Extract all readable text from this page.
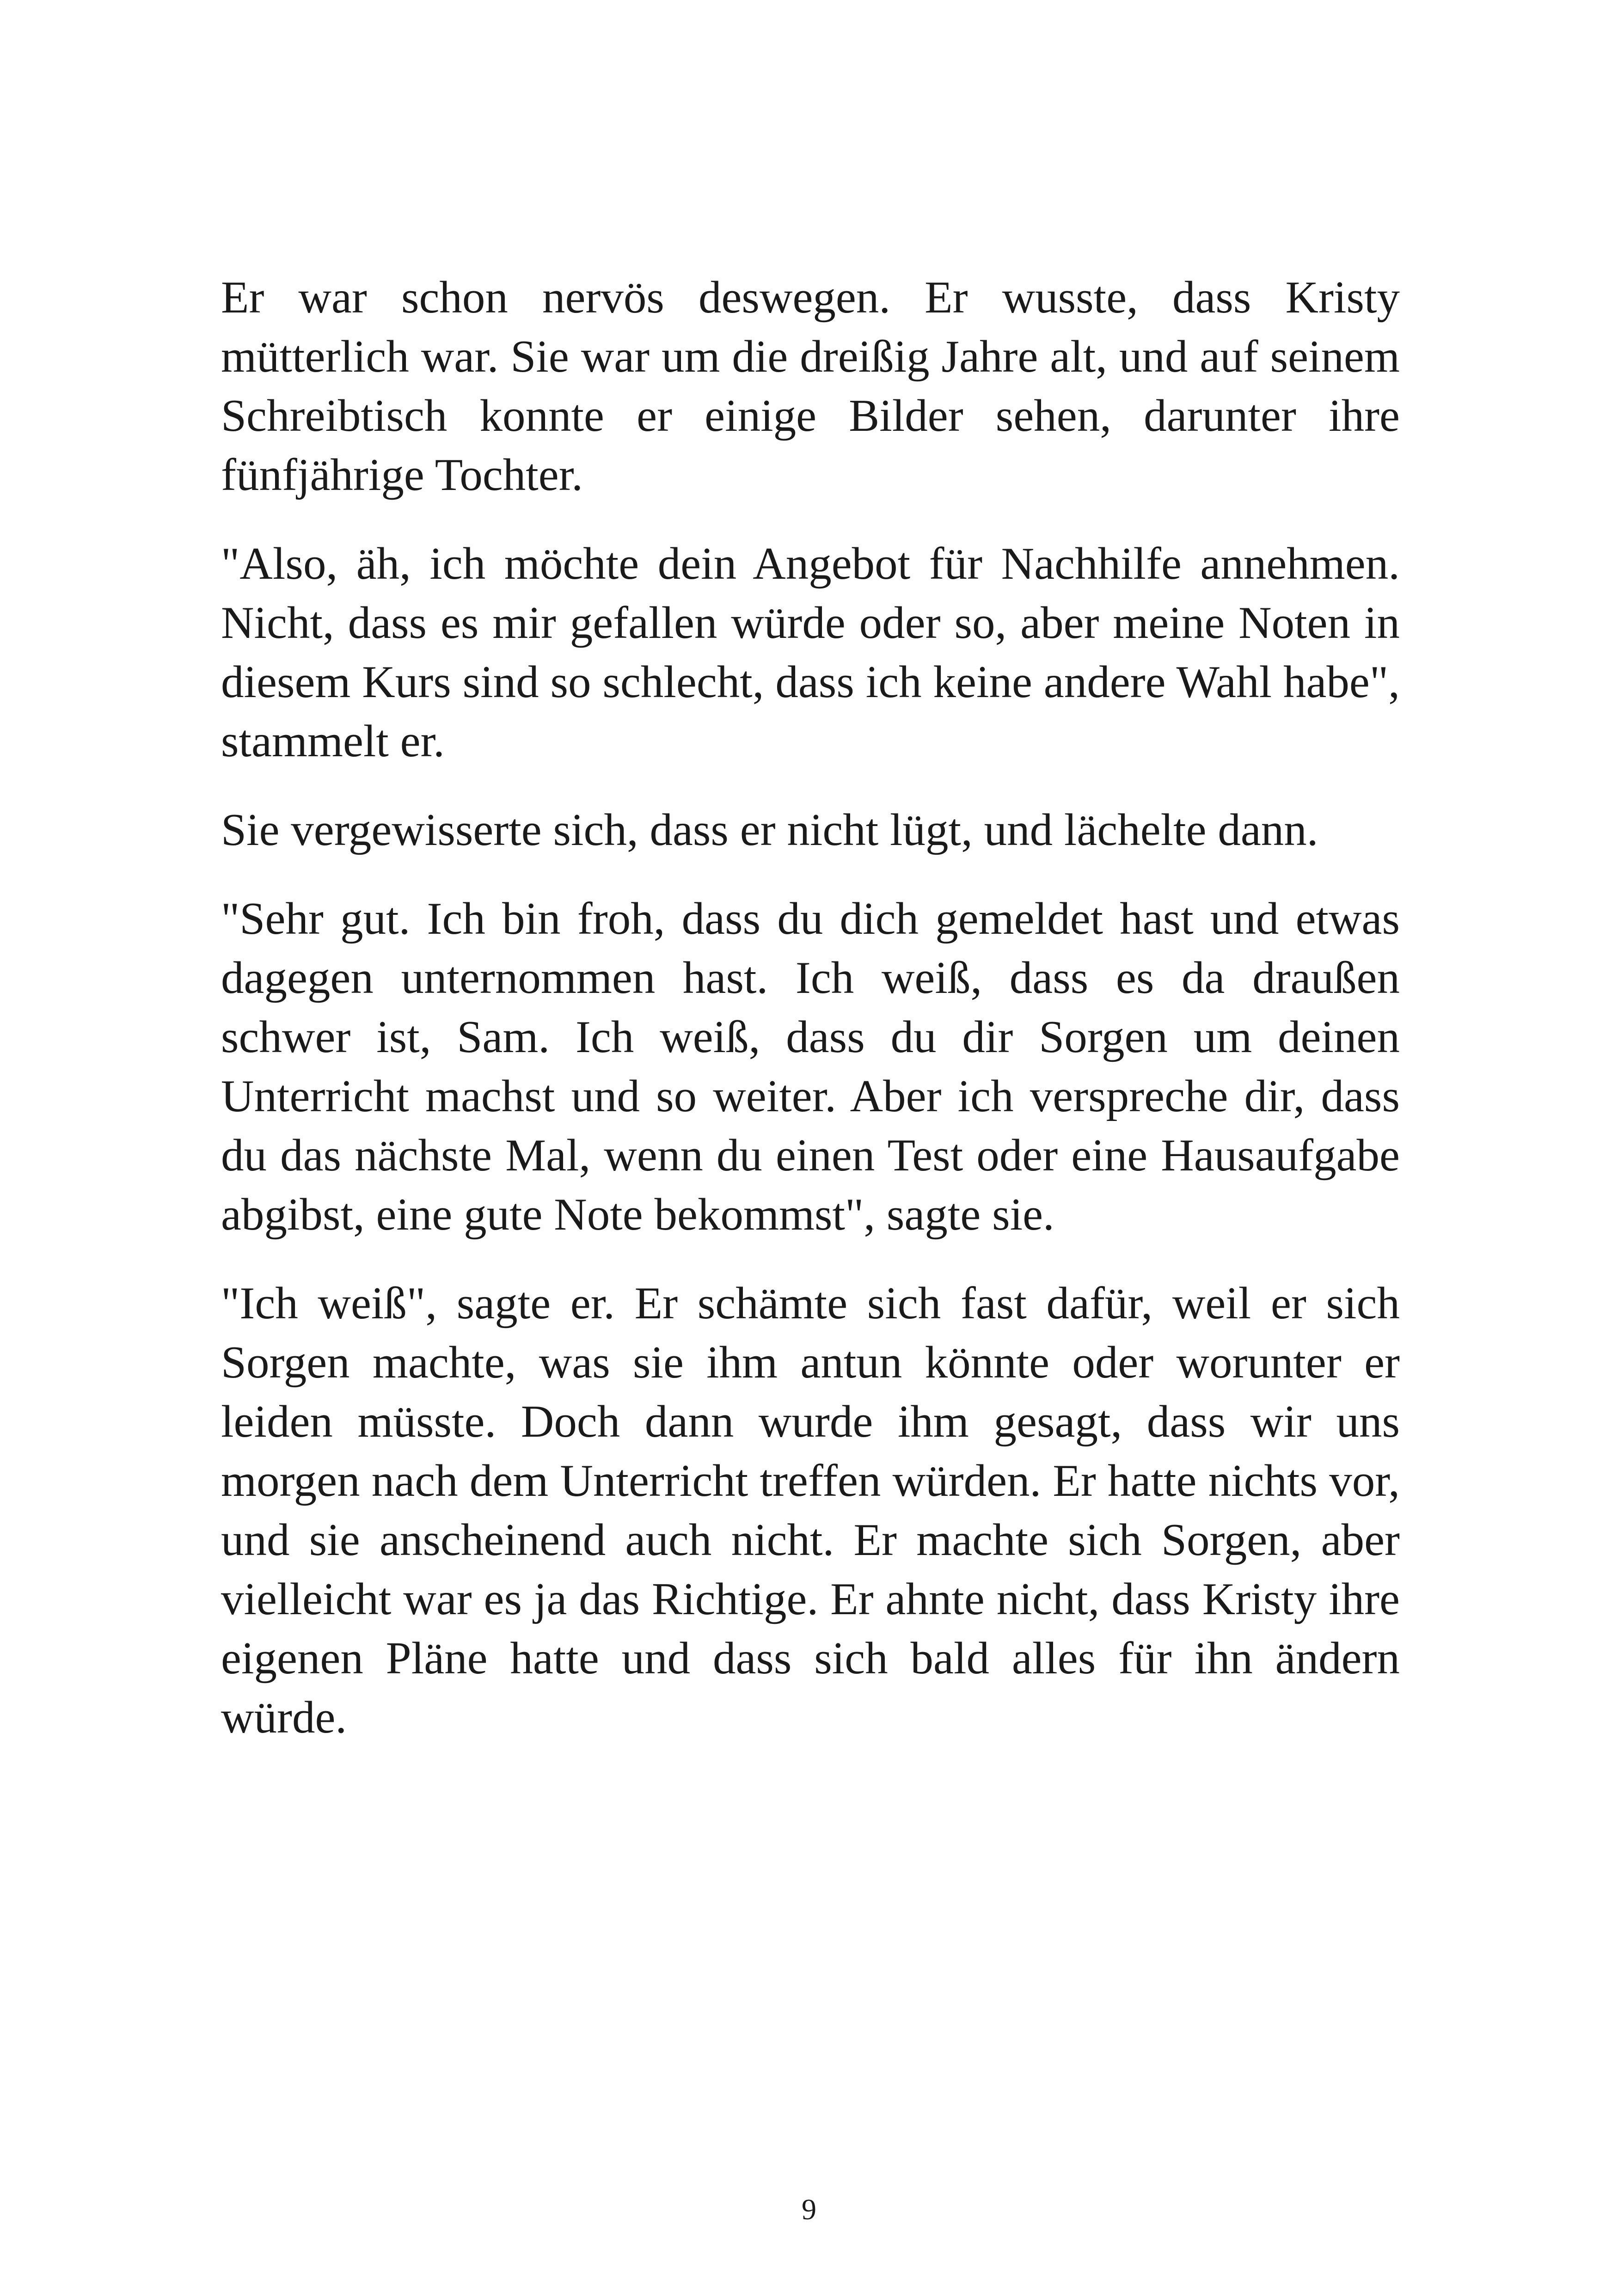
Er war schon nervös deswegen. Er wusste, dass Kristy mütterlich war. Sie war um die dreißig Jahre alt, und auf seinem Schreibtisch konnte er einige Bilder sehen, darunter ihre fünfjährige Tochter.

"Also, äh, ich möchte dein Angebot für Nachhilfe annehmen. Nicht, dass es mir gefallen würde oder so, aber meine Noten in diesem Kurs sind so schlecht, dass ich keine andere Wahl habe", stammelt er.

Sie vergewisserte sich, dass er nicht lügt, und lächelte dann.

"Sehr gut. Ich bin froh, dass du dich gemeldet hast und etwas dagegen unternommen hast. Ich weiß, dass es da draußen schwer ist, Sam. Ich weiß, dass du dir Sorgen um deinen Unterricht machst und so weiter. Aber ich verspreche dir, dass du das nächste Mal, wenn du einen Test oder eine Hausaufgabe abgibst, eine gute Note bekommst", sagte sie.

"Ich weiß", sagte er. Er schämte sich fast dafür, weil er sich Sorgen machte, was sie ihm antun könnte oder worunter er leiden müsste. Doch dann wurde ihm gesagt, dass wir uns morgen nach dem Unterricht treffen würden. Er hatte nichts vor, und sie anscheinend auch nicht. Er machte sich Sorgen, aber vielleicht war es ja das Richtige. Er ahnte nicht, dass Kristy ihre eigenen Pläne hatte und dass sich bald alles für ihn ändern würde.

9
